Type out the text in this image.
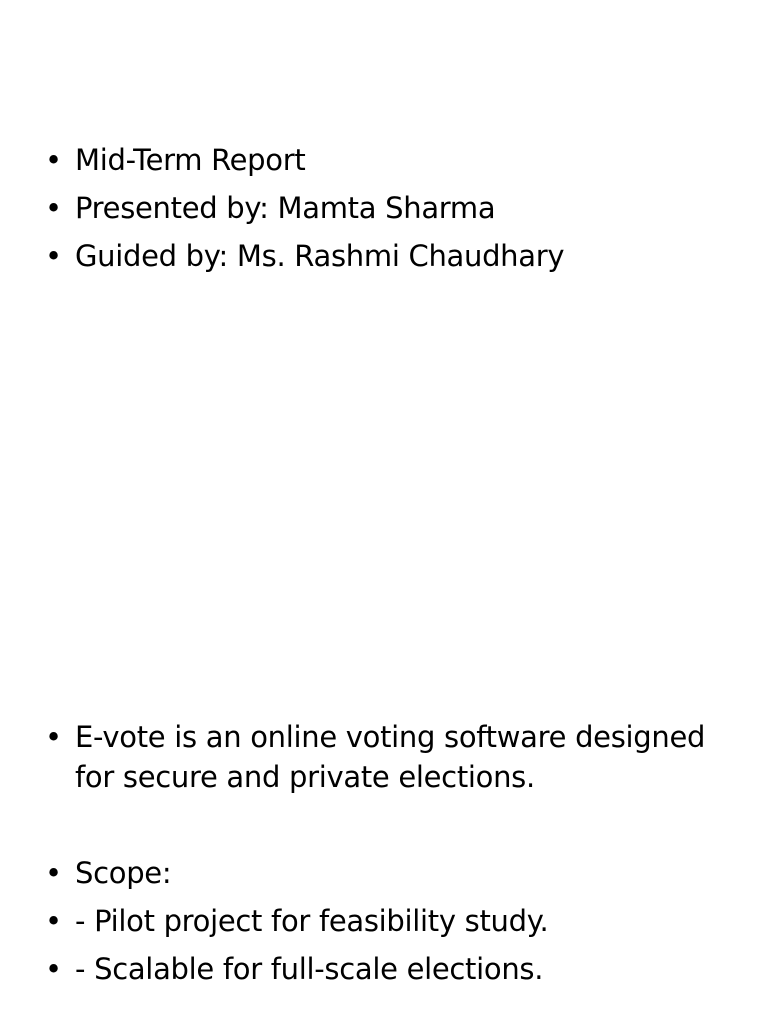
• Mid-Term Report
• Presented by: Mamta Sharma
• Guided by: Ms. Rashmi Chaudhary
• E-vote is an online voting software designed for secure and private elections.
• Scope:
• - Pilot project for feasibility study.
• - Scalable for full-scale elections.
